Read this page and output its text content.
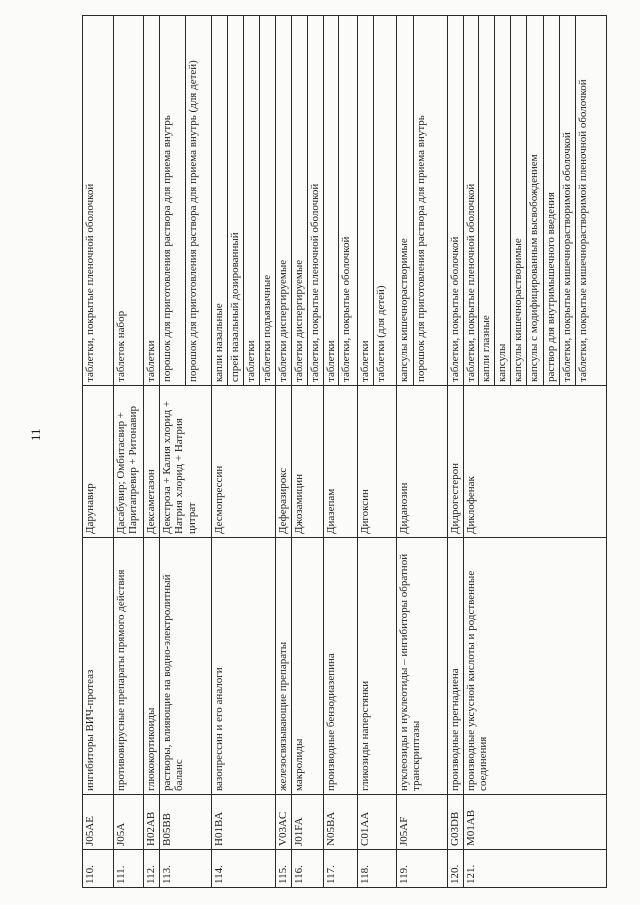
11
110.	J05AE	ингибиторы ВИЧ-протеаз	Дарунавир	таблетки, покрытые пленочной оболочкой
111.	J05A	противовирусные препараты прямого действия	Дасабувир; Омбитасвир + Паритапревир + Ритонавир	таблеток набор
112.	H02AB	глюкокортикоиды	Дексаметазон	таблетки
113.	B05BB	растворы, влияющие на водно-электролитный баланс	Декстроза + Калия хлорид + Натрия хлорид + Натрия цитрат	порошок для приготовления раствора для приема внутрь
				порошок для приготовления раствора для приема внутрь (для детей)
114.	H01BA	вазопрессин и его аналоги	Десмопрессин	капли назальные
				спрей назальный дозированный
				таблетки
				таблетки подъязычные
115.	V03AC	железосвязывающие препараты	Деферазирокс	таблетки диспергируемые
116.	J01FA	макролиды	Джозамицин	таблетки диспергируемые
				таблетки, покрытые пленочной оболочкой
117.	N05BA	производные бензодиазепина	Диазепам	таблетки
				таблетки, покрытые оболочкой
118.	C01AA	гликозиды наперстянки	Дигоксин	таблетки
				таблетки (для детей)
119.	J05AF	нуклеозиды и нуклеотиды – ингибиторы обратной транскриптазы	Диданозин	капсулы кишечнорастворимые
				порошок для приготовления раствора для приема внутрь
120.	G03DB	производные прегнадиена	Дидрогестерон	таблетки, покрытые оболочкой
121.	M01AB	производные уксусной кислоты и родственные соединения	Диклофенак	таблетки, покрытые пленочной оболочкой
				капли глазные
				капсулы
				капсулы кишечнорастворимые
				капсулы с модифицированным высвобождением
				раствор для внутримышечного введения
				таблетки, покрытые кишечнорастворимой оболочкой
				таблетки, покрытые кишечнорастворимой пленочной оболочкой
